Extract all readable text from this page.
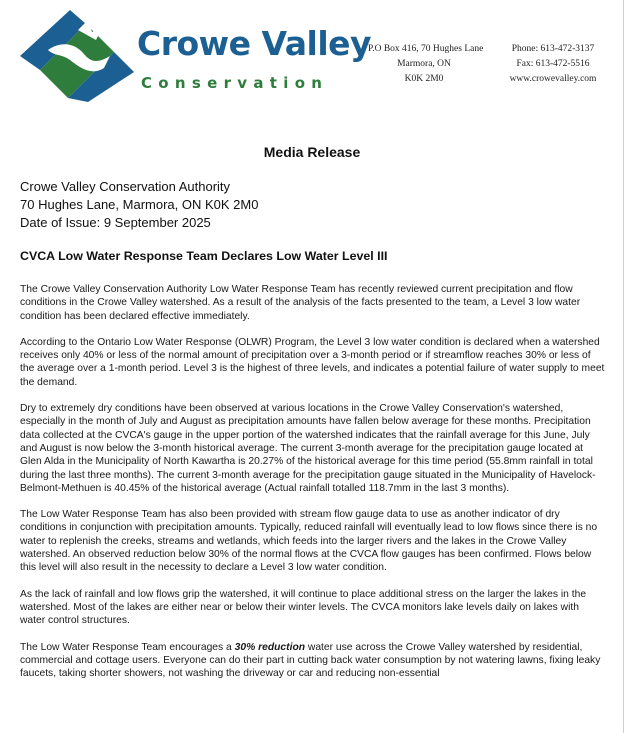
Crowe Valley
Conservation
P.O Box 416, 70 Hughes Lane
Marmora, ON
K0K 2M0
Phone: 613-472-3137
Fax: 613-472-5516
www.crowevalley.com
Media Release
Crowe Valley Conservation Authority
70 Hughes Lane, Marmora, ON K0K 2M0
Date of Issue: 9 September 2025
CVCA Low Water Response Team Declares Low Water Level III

The Crowe Valley Conservation Authority Low Water Response Team has recently reviewed current precipitation and flow conditions in the Crowe Valley watershed. As a result of the analysis of the facts presented to the team, a Level 3 low water condition has been declared effective immediately.

According to the Ontario Low Water Response (OLWR) Program, the Level 3 low water condition is declared when a watershed receives only 40% or less of the normal amount of precipitation over a 3-month period or if streamflow reaches 30% or less of the average over a 1-month period. Level 3 is the highest of three levels, and indicates a potential failure of water supply to meet the demand.

Dry to extremely dry conditions have been observed at various locations in the Crowe Valley Conservation's watershed, especially in the month of July and August as precipitation amounts have fallen below average for these months. Precipitation data collected at the CVCA's gauge in the upper portion of the watershed indicates that the rainfall average for this June, July and August is now below the 3-month historical average. The current 3-month average for the precipitation gauge located at Glen Alda in the Municipality of North Kawartha is 20.27% of the historical average for this time period (55.8mm rainfall in total during the last three months). The current 3-month average for the precipitation gauge situated in the Municipality of Havelock-Belmont-Methuen is 40.45% of the historical average (Actual rainfall totalled 118.7mm in the last 3 months).

The Low Water Response Team has also been provided with stream flow gauge data to use as another indicator of dry conditions in conjunction with precipitation amounts. Typically, reduced rainfall will eventually lead to low flows since there is no water to replenish the creeks, streams and wetlands, which feeds into the larger rivers and the lakes in the Crowe Valley watershed. An observed reduction below 30% of the normal flows at the CVCA flow gauges has been confirmed. Flows below this level will also result in the necessity to declare a Level 3 low water condition.

As the lack of rainfall and low flows grip the watershed, it will continue to place additional stress on the larger the lakes in the watershed. Most of the lakes are either near or below their winter levels. The CVCA monitors lake levels daily on lakes with water control structures.

The Low Water Response Team encourages a 30% reduction water use across the Crowe Valley watershed by residential, commercial and cottage users. Everyone can do their part in cutting back water consumption by not watering lawns, fixing leaky faucets, taking shorter showers, not washing the driveway or car and reducing non-essential
